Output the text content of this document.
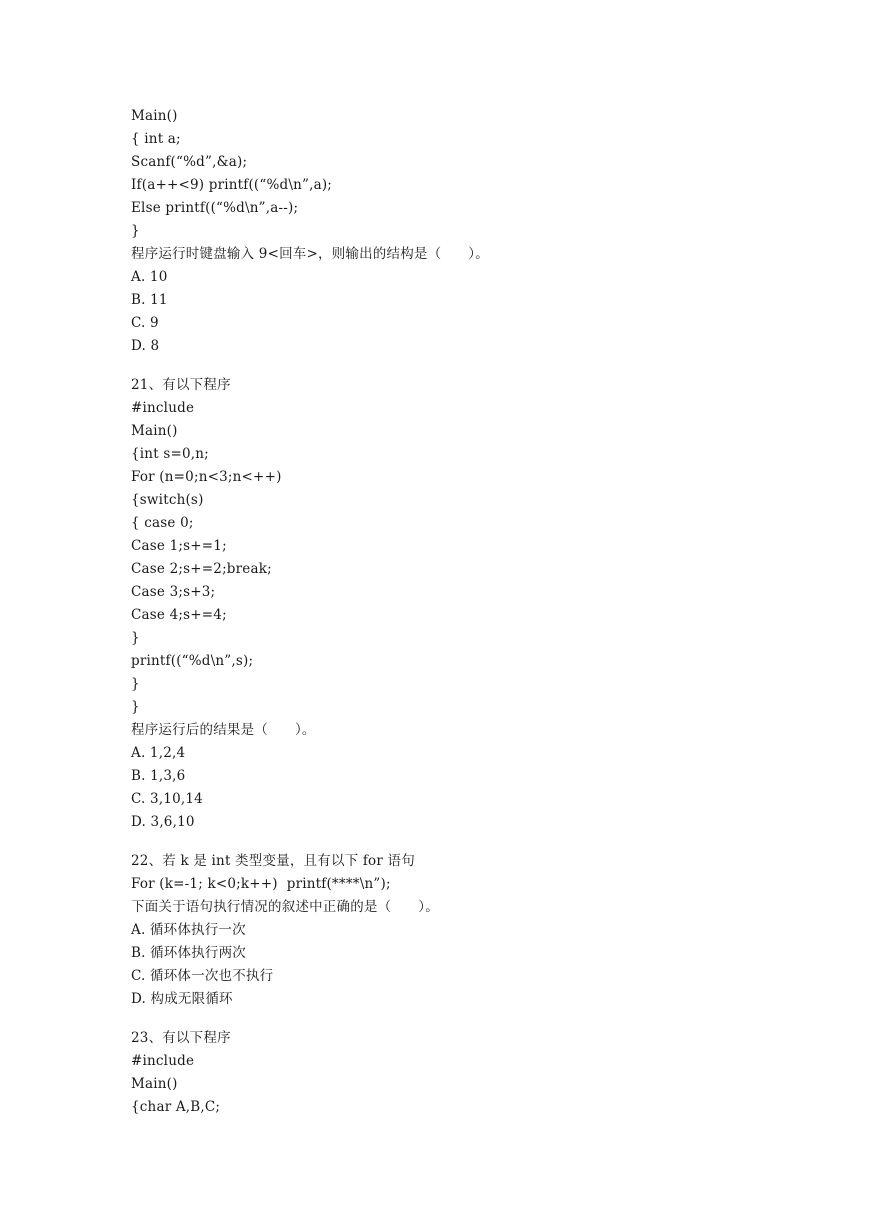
Main()
{ int a;
Scanf(“%d”,&a);
If(a++<9) printf((“%d\n”,a);
Else printf((“%d\n”,a--);
}
程序运行时键盘输入 9<回车>，则输出的结构是（      ）。
A. 10
B. 11
C. 9
D. 8
21、有以下程序
#include
Main()
{int s=0,n;
For (n=0;n<3;n<++)
{switch(s)
{ case 0;
Case 1;s+=1;
Case 2;s+=2;break;
Case 3;s+3;
Case 4;s+=4;
}
printf((“%d\n”,s);
}
}
程序运行后的结果是（      ）。
A. 1,2,4
B. 1,3,6
C. 3,10,14
D. 3,6,10
22、若 k 是 int 类型变量，且有以下 for 语句
For (k=-1; k<0;k++)  printf(****\n”);
下面关于语句执行情况的叙述中正确的是（      ）。
A. 循环体执行一次
B. 循环体执行两次
C. 循环体一次也不执行
D. 构成无限循环
23、有以下程序
#include
Main()
{char A,B,C;
